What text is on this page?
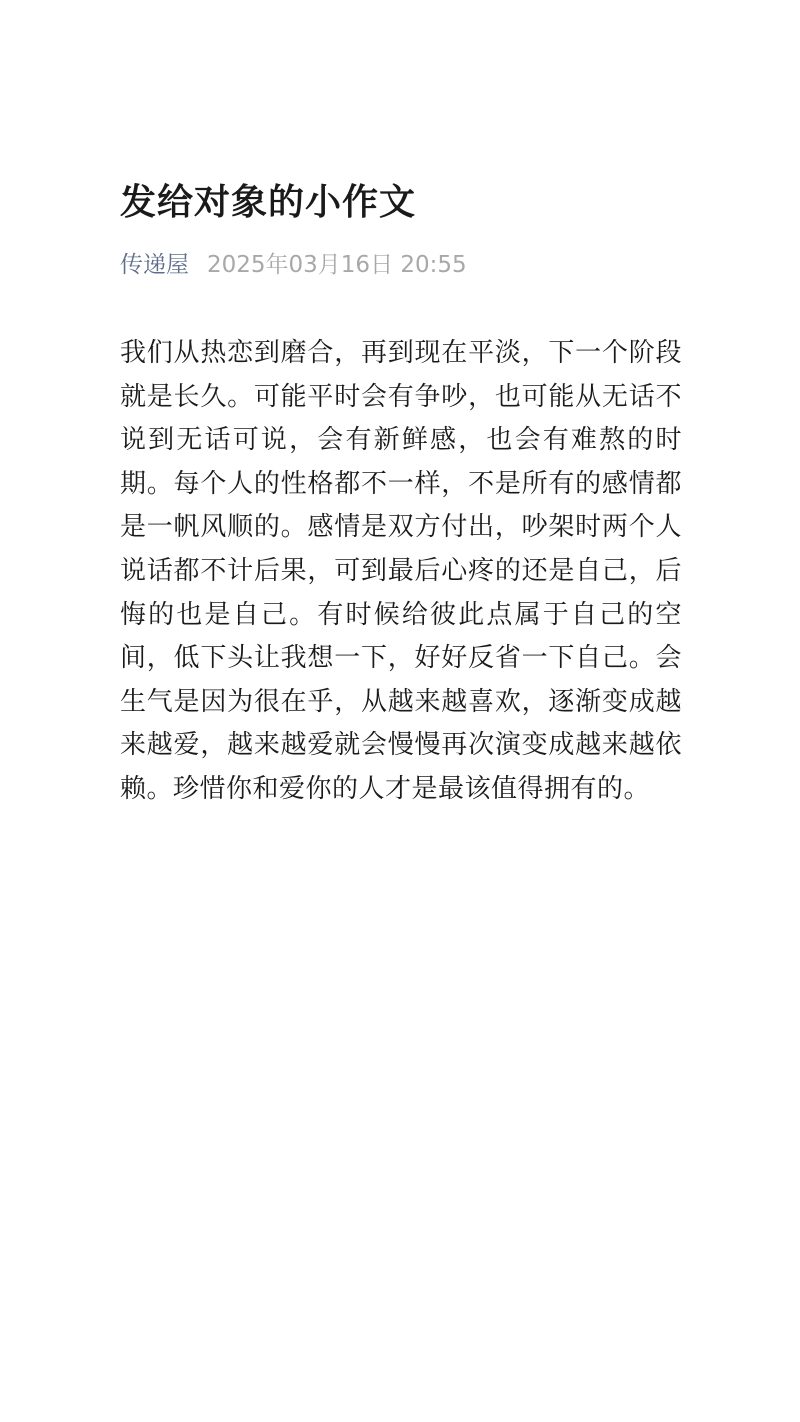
发给对象的小作文
传递屋 2025年03月16日 20:55
我们从热恋到磨合，再到现在平淡，下一个阶段就是长久。可能平时会有争吵，也可能从无话不说到无话可说，会有新鲜感，也会有难熬的时期。每个人的性格都不一样，不是所有的感情都是一帆风顺的。感情是双方付出，吵架时两个人说话都不计后果，可到最后心疼的还是自己，后悔的也是自己。有时候给彼此点属于自己的空间，低下头让我想一下，好好反省一下自己。会生气是因为很在乎，从越来越喜欢，逐渐变成越来越爱，越来越爱就会慢慢再次演变成越来越依赖。珍惜你和爱你的人才是最该值得拥有的。
